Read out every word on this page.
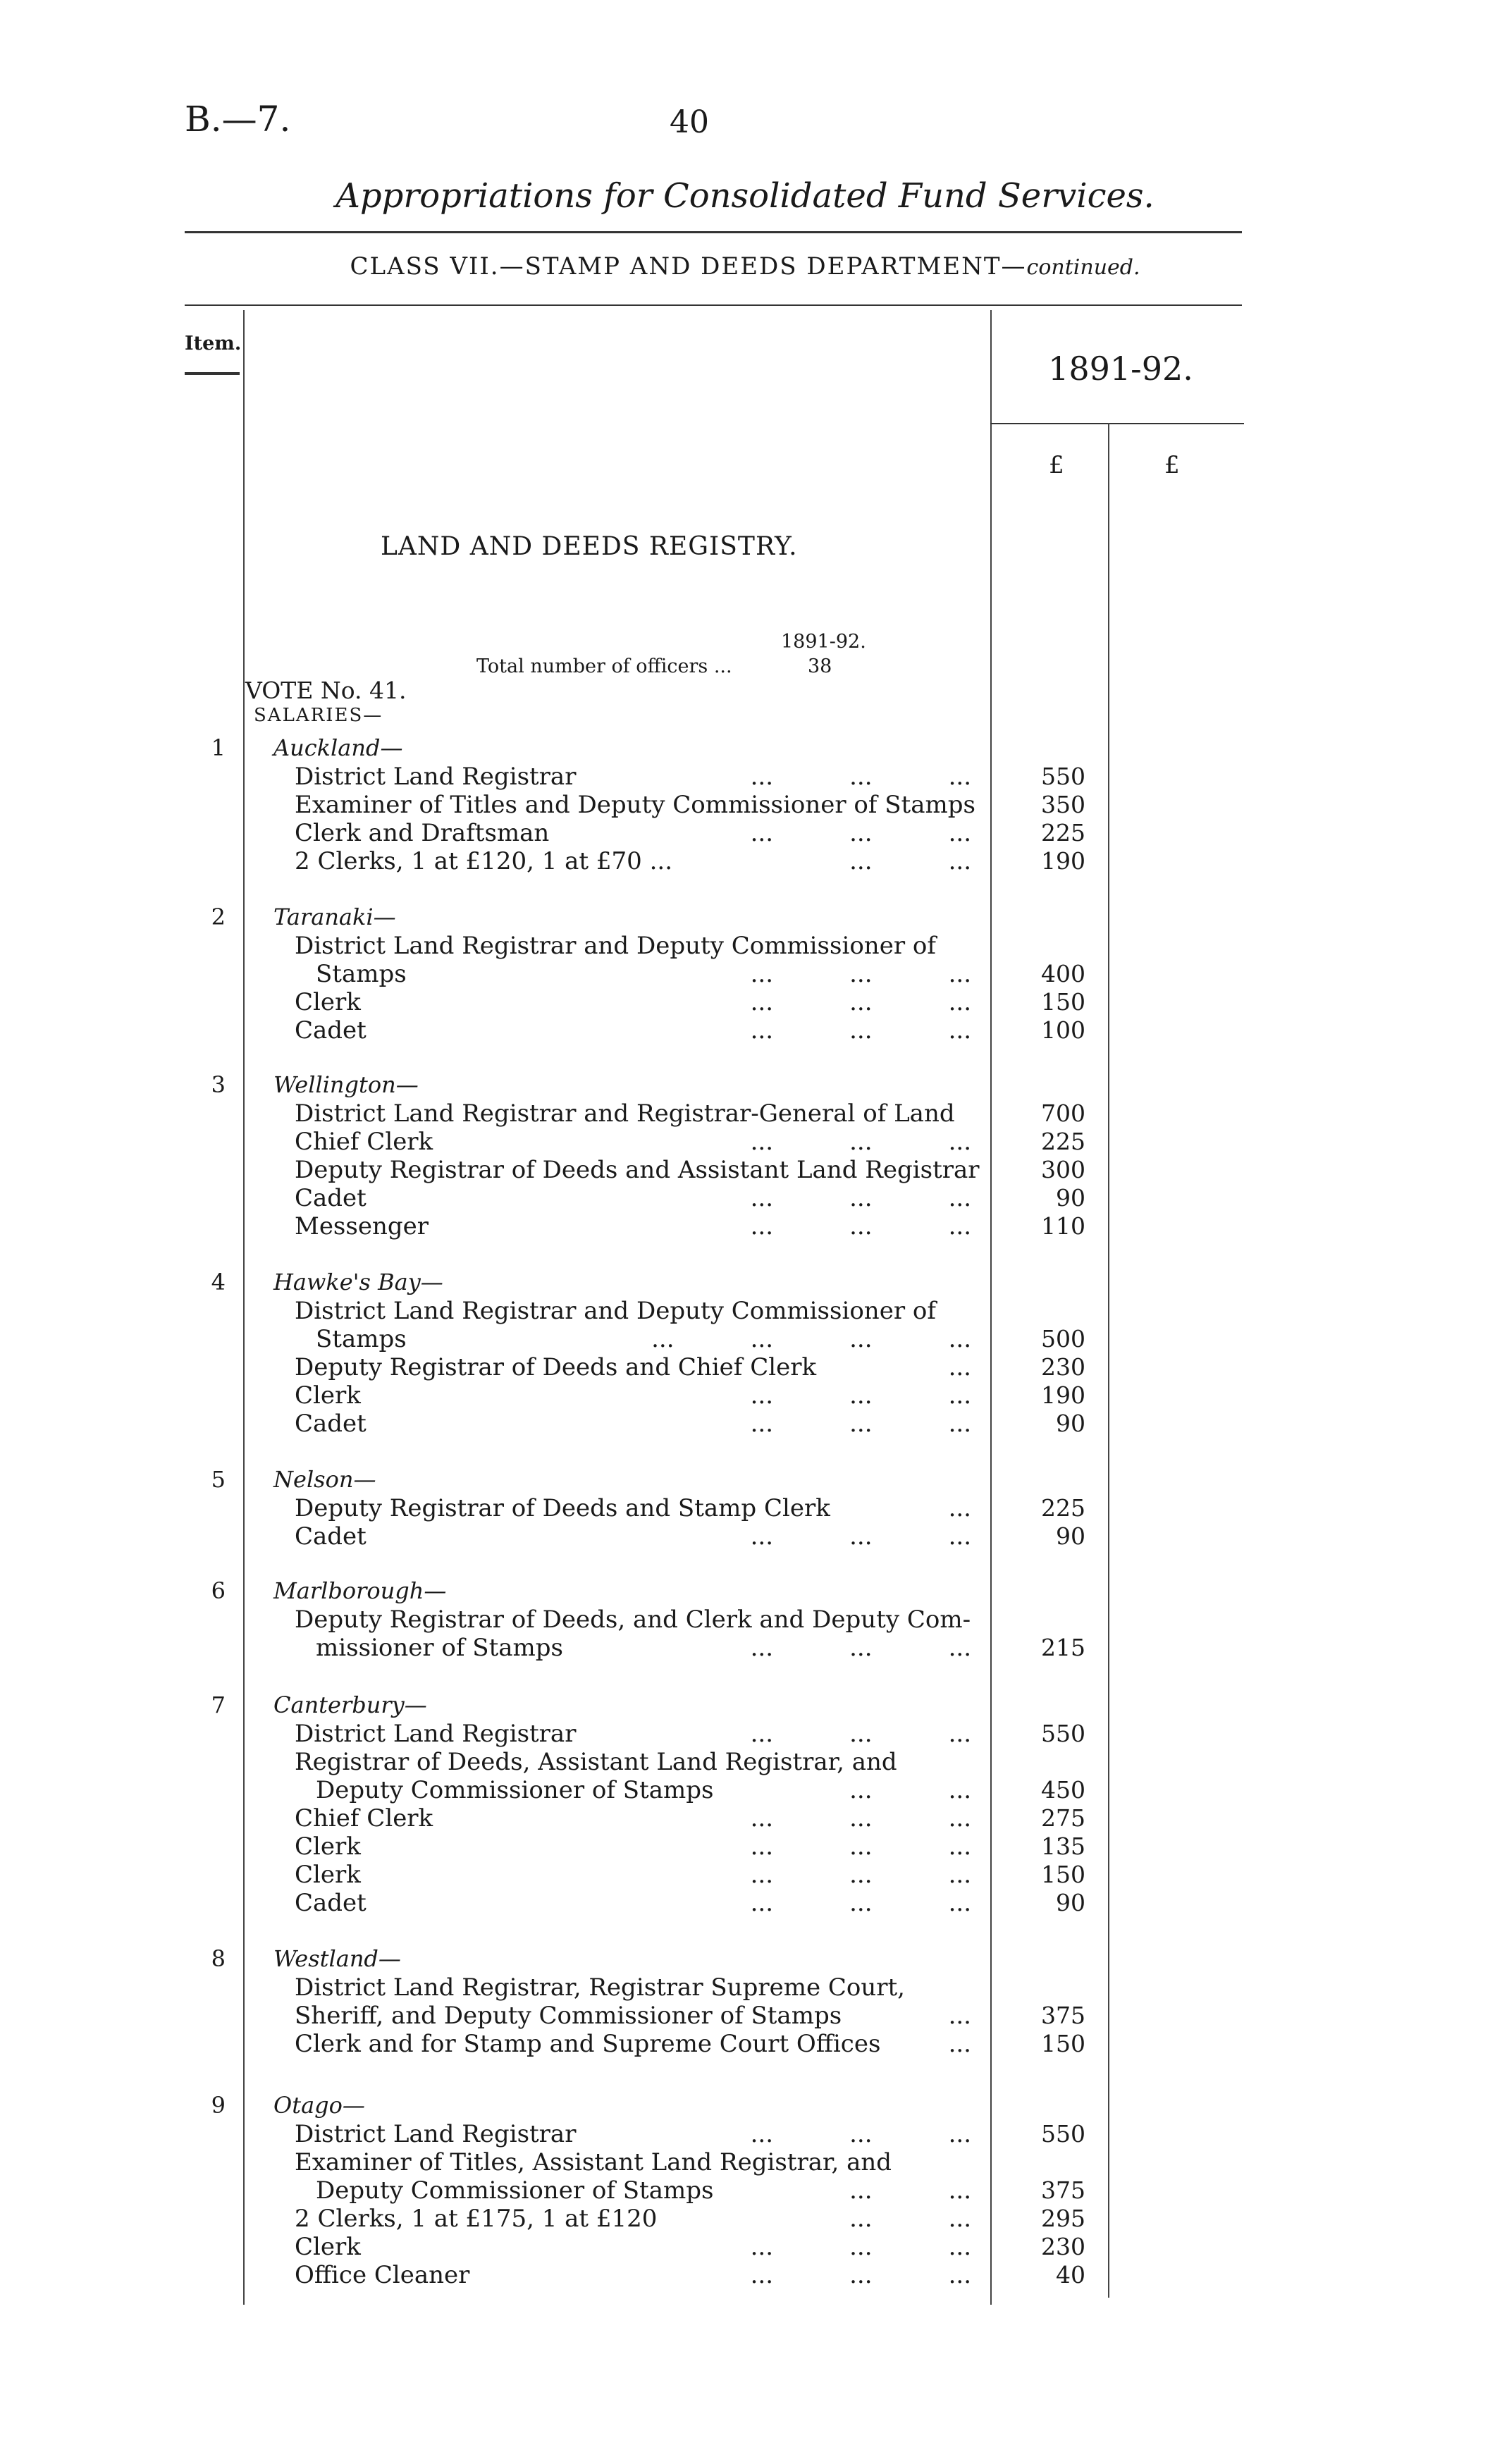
B.—7.	40
Appropriations for Consolidated Fund Services.
CLASS VII.—STAMP AND DEEDS DEPARTMENT—continued.
Item.
1891-92.
£	£
LAND AND DEEDS REGISTRY.
1891-92.
Total number of officers ...	38
VOTE No. 41.
SALARIES—
1 Auckland—
District Land Registrar	...          ...          ...	550
Examiner of Titles and Deputy Commissioner of Stamps	350
Clerk and Draftsman	...          ...          ...	225
2 Clerks, 1 at £120, 1 at £70 ...	...          ...	190
2 Taranaki—
District Land Registrar and Deputy Commissioner of
Stamps	...          ...          ...	400
Clerk	...          ...          ...	150
Cadet	...          ...          ...	100
3 Wellington—
District Land Registrar and Registrar-General of Land	700
Chief Clerk	...          ...          ...	225
Deputy Registrar of Deeds and Assistant Land Registrar	300
Cadet	...          ...          ...	90
Messenger	...          ...          ...	110
4 Hawke's Bay—
District Land Registrar and Deputy Commissioner of
Stamps	...          ...          ...          ...	500
Deputy Registrar of Deeds and Chief Clerk	...	230
Clerk	...          ...          ...	190
Cadet	...          ...          ...	90
5 Nelson—
Deputy Registrar of Deeds and Stamp Clerk	...	225
Cadet	...          ...          ...	90
6 Marlborough—
Deputy Registrar of Deeds, and Clerk and Deputy Com-
missioner of Stamps	...          ...          ...	215
7 Canterbury—
District Land Registrar	...          ...          ...	550
Registrar of Deeds, Assistant Land Registrar, and
Deputy Commissioner of Stamps	...          ...	450
Chief Clerk	...          ...          ...	275
Clerk	...          ...          ...	135
Clerk	...          ...          ...	150
Cadet	...          ...          ...	90
8 Westland—
District Land Registrar, Registrar Supreme Court,
Sheriff, and Deputy Commissioner of Stamps	...	375
Clerk and for Stamp and Supreme Court Offices	...	150
9 Otago—
District Land Registrar	...          ...          ...	550
Examiner of Titles, Assistant Land Registrar, and
Deputy Commissioner of Stamps	...          ...	375
2 Clerks, 1 at £175, 1 at £120	...          ...	295
Clerk	...          ...          ...	230
Office Cleaner	...          ...          ...	40
